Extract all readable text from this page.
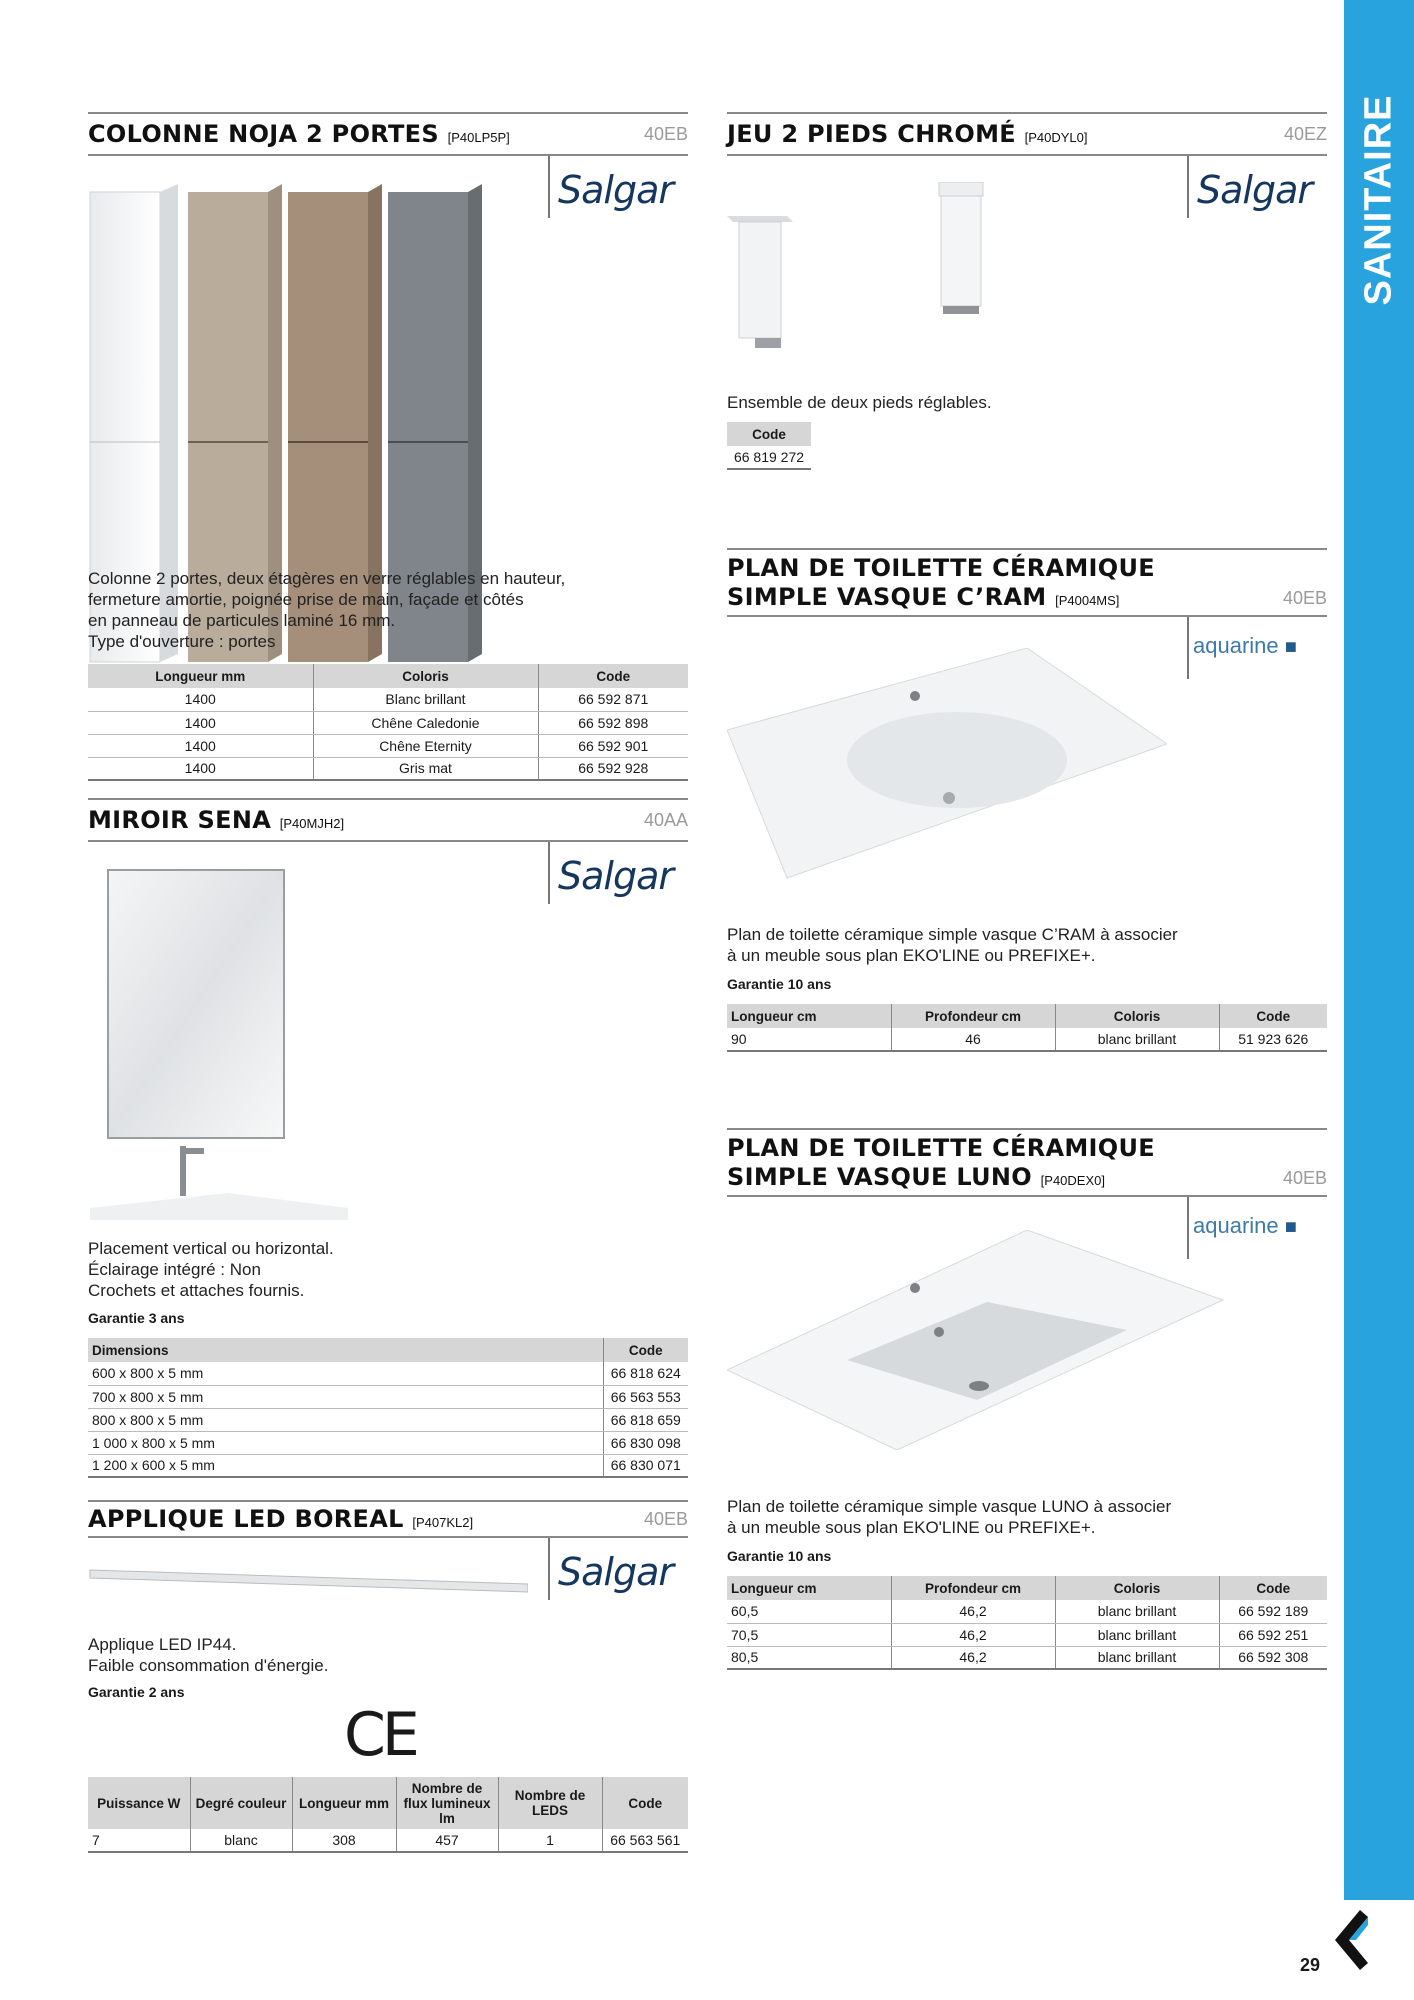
SANITAIRE
29
COLONNE NOJA 2 PORTES [P40LP5P]	40EB
Salgar
Colonne 2 portes, deux étagères en verre réglables en hauteur,
fermeture amortie, poignée prise de main, façade et côtés
en panneau de particules laminé 16 mm.
Type d'ouverture : portes
Longueur mm	Coloris	Code
1400	Blanc brillant	66 592 871
1400	Chêne Caledonie	66 592 898
1400	Chêne Eternity	66 592 901
1400	Gris mat	66 592 928
MIROIR SENA [P40MJH2]	40AA
Salgar
Placement vertical ou horizontal.
Éclairage intégré : Non
Crochets et attaches fournis.
Garantie 3 ans
Dimensions	Code
600 x 800 x 5 mm	66 818 624
700 x 800 x 5 mm	66 563 553
800 x 800 x 5 mm	66 818 659
1 000 x 800 x 5 mm	66 830 098
1 200 x 600 x 5 mm	66 830 071
APPLIQUE LED BOREAL [P407KL2]	40EB
Salgar
Applique LED IP44.
Faible consommation d'énergie.
Garantie 2 ans
CE
Puissance W	Degré couleur	Longueur mm	Nombre de flux lumineux lm	Nombre de LEDS	Code
7	blanc	308	457	1	66 563 561
JEU 2 PIEDS CHROMÉ [P40DYL0]	40EZ
Salgar
Ensemble de deux pieds réglables.
Code
66 819 272
PLAN DE TOILETTE CÉRAMIQUE
SIMPLE VASQUE C’RAM [P4004MS]	40EB
aquarine ■
Plan de toilette céramique simple vasque C’RAM à associer
à un meuble sous plan EKO'LINE ou PREFIXE+.
Garantie 10 ans
Longueur cm	Profondeur cm	Coloris	Code
90	46	blanc brillant	51 923 626
PLAN DE TOILETTE CÉRAMIQUE
SIMPLE VASQUE LUNO [P40DEX0]	40EB
aquarine ■
Plan de toilette céramique simple vasque LUNO à associer
à un meuble sous plan EKO'LINE ou PREFIXE+.
Garantie 10 ans
Longueur cm	Profondeur cm	Coloris	Code
60,5	46,2	blanc brillant	66 592 189
70,5	46,2	blanc brillant	66 592 251
80,5	46,2	blanc brillant	66 592 308
